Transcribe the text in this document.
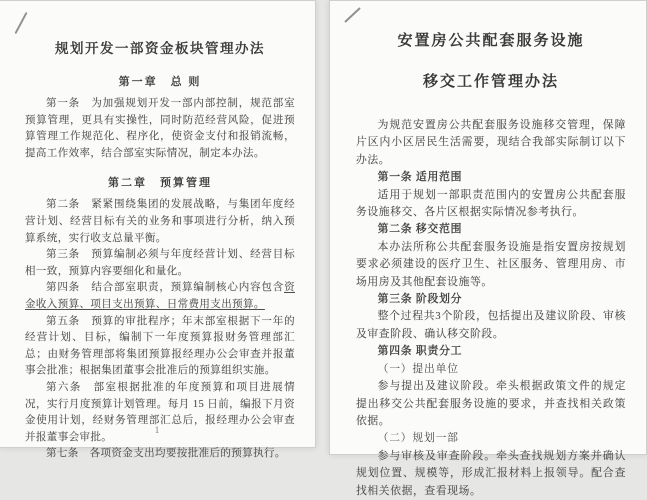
规划开发一部资金板块管理办法
第一章　总 则

第一条　为加强规划开发一部内部控制，规范部室预算管理，更具有实操性，同时防范经营风险，促进预算管理工作规范化、程序化，使资金支付和报销流畅，提高工作效率，结合部室实际情况，制定本办法。

第二章　预算管理

第二条　紧紧围绕集团的发展战略，与集团年度经营计划、经营目标有关的业务和事项进行分析，纳入预算系统，实行收支总量平衡。

第三条　预算编制必须与年度经营计划、经营目标相一致，预算内容要细化和量化。

第四条　结合部室职责，预算编制核心内容包含资金收入预算、项目支出预算、日常费用支出预算。

第五条　预算的审批程序；年末部室根据下一年的经营计划、目标，编制下一年度预算报财务管理部汇总；由财务管理部将集团预算报经理办公会审查并报董事会批准；根据集团董事会批准后的预算组织实施。

第六条　部室根据批准的年度预算和项目进展情况，实行月度预算计划管理。每月 15 日前，编报下月资金使用计划，经财务管理部汇总后，报经理办公会审查并报董事会审批。

第七条　各项资金支出均要按批准后的预算执行。

1
安置房公共配套服务设施
移交工作管理办法

为规范安置房公共配套服务设施移交管理，保障片区内小区居民生活需要，现结合我部实际制订以下办法。

第一条 适用范围

适用于规划一部职责范围内的安置房公共配套服务设施移交、各片区根据实际情况参考执行。

第二条 移交范围

本办法所称公共配套服务设施是指安置房按规划要求必须建设的医疗卫生、社区服务、管理用房、市场用房及其他配套设施等。

第三条 阶段划分

整个过程共3个阶段，包括提出及建议阶段、审核及审查阶段、确认移交阶段。

第四条 职责分工

（一）提出单位

参与提出及建议阶段。牵头根据政策文件的规定提出移交公共配套服务设施的要求，并查找相关政策依据。

（二）规划一部

参与审核及审查阶段。牵头查找规划方案并确认规划位置、规模等，形成汇报材料上报领导。配合查找相关依据，查看现场。
